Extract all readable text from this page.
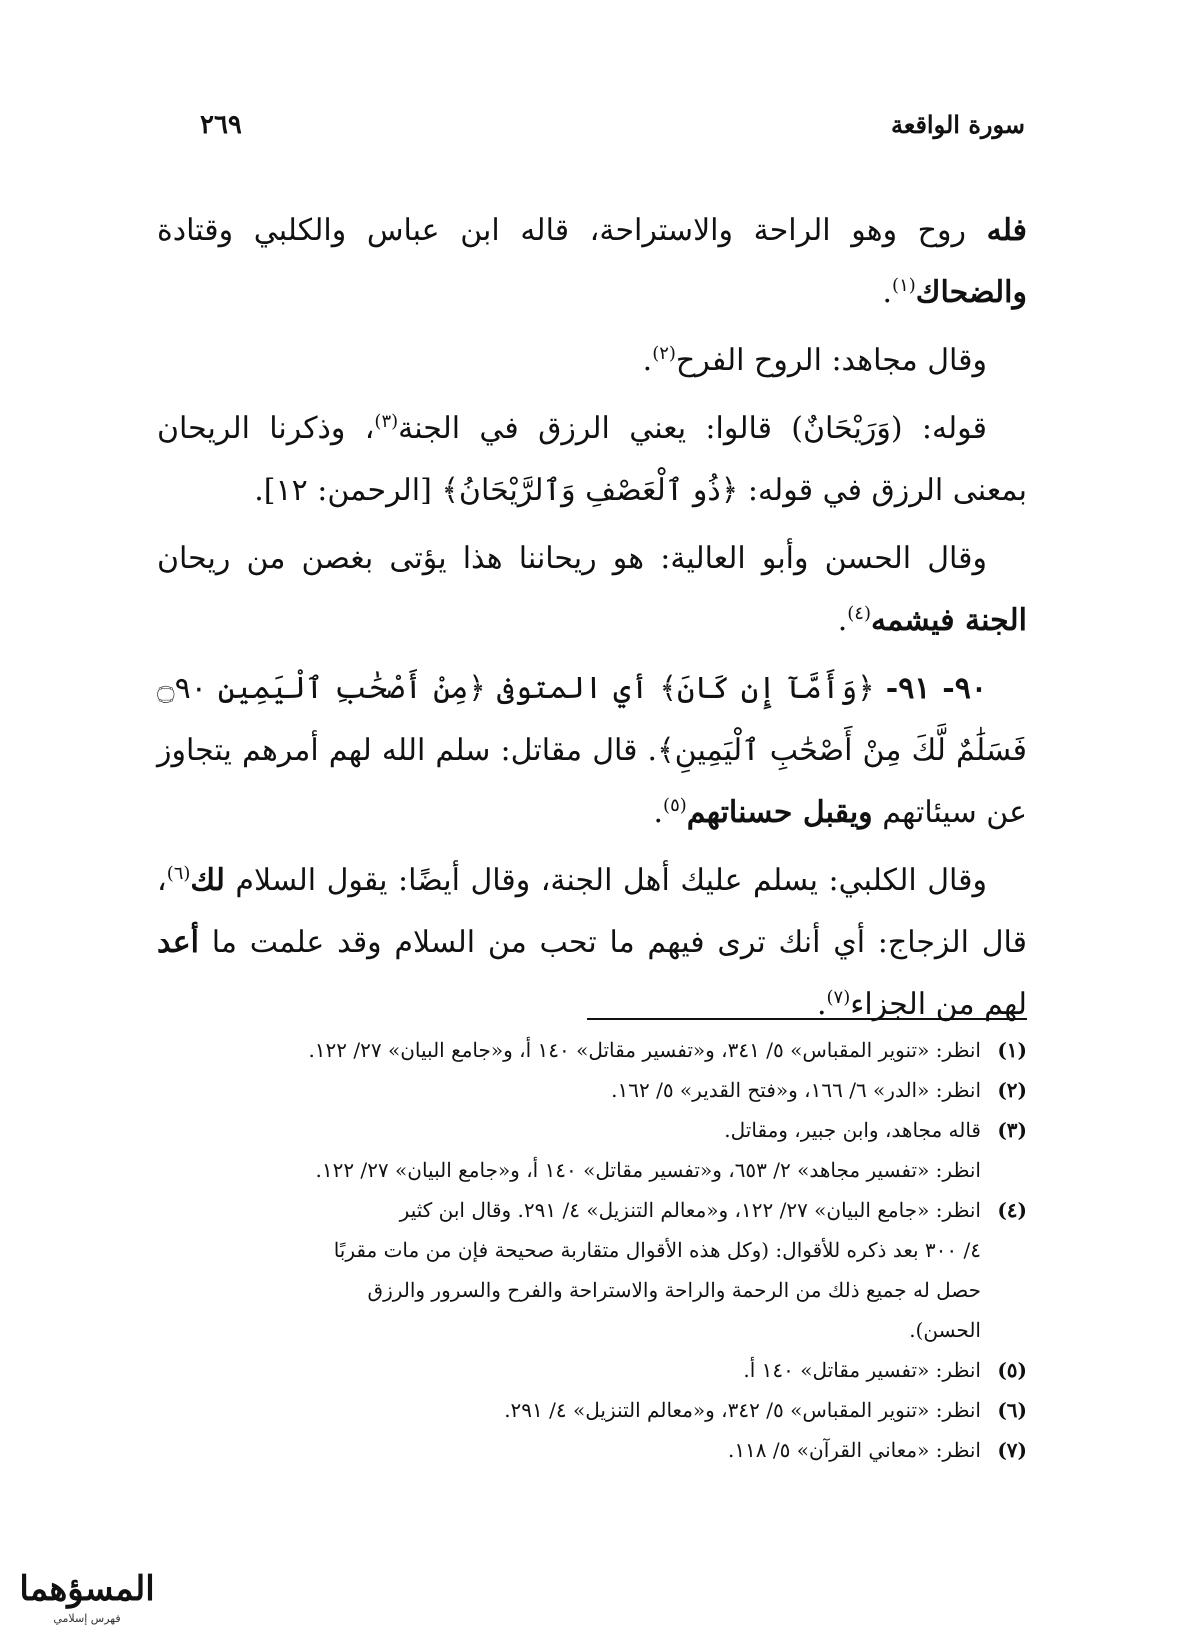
سورة الواقعة
٢٦٩

فله روح وهو الراحة والاستراحة، قاله ابن عباس والكلبي وقتادة والضحاك$^{(١)}$.

وقال مجاهد: الروح الفرح$^{(٢)}$.

قوله: (وَرَيْحَانٌ) قالوا: يعني الرزق في الجنة$^{(٣)}$، وذكرنا الريحان بمعنى الرزق في قوله: ﴿ذُو ٱلْعَصْفِ وَٱلرَّيْحَانُ﴾ [الرحمن: ١٢].

وقال الحسن وأبو العالية: هو ريحاننا هذا يؤتى بغصن من ريحان الجنة فيشمه$^{(٤)}$.

٩٠- ٩١- ﴿وَأَمَّآ إِن كَانَ﴾ أي المتوفى ﴿مِنْ أَصْحَٰبِ ٱلْيَمِينِ ۝٩٠ فَسَلَٰمٌ لَّكَ مِنْ أَصْحَٰبِ ٱلْيَمِينِ﴾. قال مقاتل: سلم الله لهم أمرهم يتجاوز عن سيئاتهم ويقبل حسناتهم$^{(٥)}$.

وقال الكلبي: يسلم عليك أهل الجنة، وقال أيضًا: يقول السلام لك$^{(٦)}$، قال الزجاج: أي أنك ترى فيهم ما تحب من السلام وقد علمت ما أعد لهم من الجزاء$^{(٧)}$.

(١)
انظر: «تنوير المقباس» ٥/ ٣٤١، و«تفسير مقاتل» ١٤٠ أ، و«جامع البيان» ٢٧/ ١٢٢.
(٢)
انظر: «الدر» ٦/ ١٦٦، و«فتح القدير» ٥/ ١٦٢.
(٣)
قاله مجاهد، وابن جبير، ومقاتل.
انظر: «تفسير مجاهد» ٢/ ٦٥٣، و«تفسير مقاتل» ١٤٠ أ، و«جامع البيان» ٢٧/ ١٢٢.
(٤)
انظر: «جامع البيان» ٢٧/ ١٢٢، و«معالم التنزيل» ٤/ ٢٩١. وقال ابن كثير
٤/ ٣٠٠ بعد ذكره للأقوال: (وكل هذه الأقوال متقاربة صحيحة فإن من مات مقربًا
حصل له جميع ذلك من الرحمة والراحة والاستراحة والفرح والسرور والرزق
الحسن).
(٥)
انظر: «تفسير مقاتل» ١٤٠ أ.
(٦)
انظر: «تنوير المقباس» ٥/ ٣٤٢، و«معالم التنزيل» ٤/ ٢٩١.
(٧)
انظر: «معاني القرآن» ٥/ ١١٨.
المسؤهما
فهرس إسلامي
